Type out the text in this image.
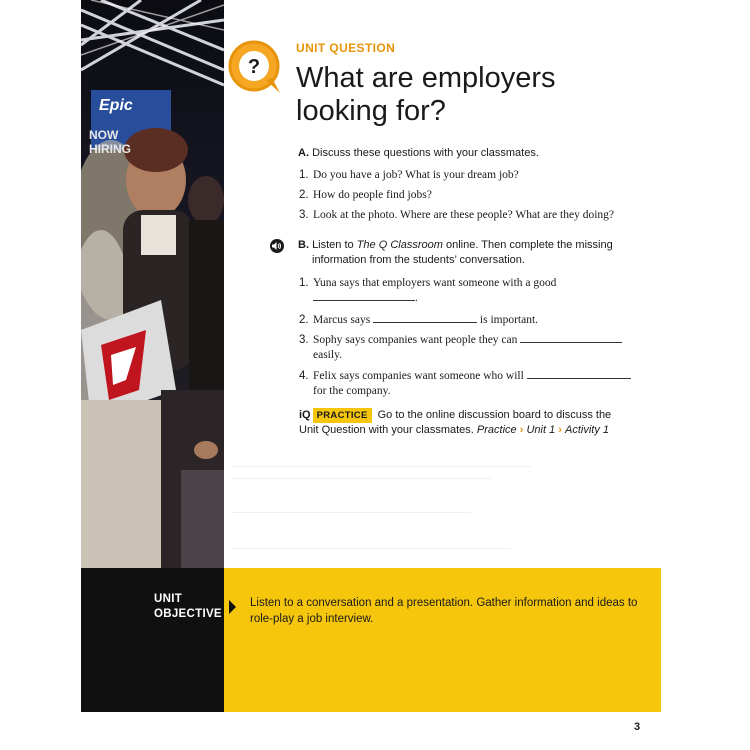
Epic
NOW HIRING
UNIT
OBJECTIVE
Listen to a conversation and a presentation. Gather information and ideas to role-play a job interview.
?
UNIT QUESTION
What are employers
looking for?
A. Discuss these questions with your classmates.
1. Do you have a job? What is your dream job?
2. How do people find jobs?
3. Look at the photo. Where are these people? What are they doing?
B. Listen to The Q Classroom online. Then complete the missing
information from the students’ conversation.
1. Yuna says that employers want someone with a good
.
2. Marcus says	is important.
3. Sophy says companies want people they can
easily.
4. Felix says companies want someone who will
for the company.
iQ PRACTICE Go to the online discussion board to discuss the
Unit Question with your classmates. Practice › Unit 1 › Activity 1
3
